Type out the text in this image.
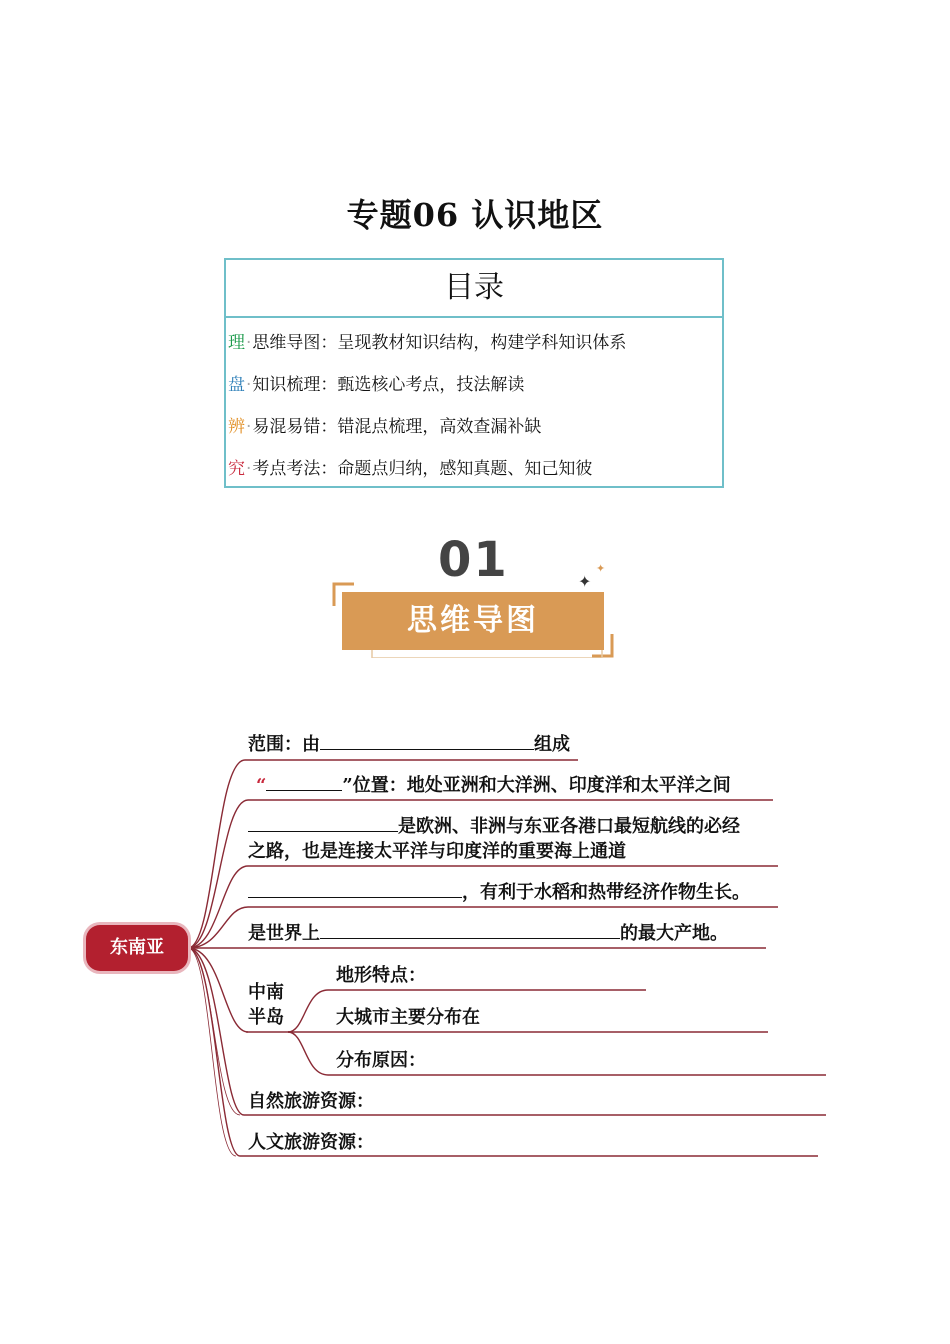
专题06 认识地区
目录
理·思维导图：呈现教材知识结构，构建学科知识体系
盘·知识梳理：甄选核心考点，技法解读
辨·易混易错：错混点梳理，高效查漏补缺
究·考点考法：命题点归纳，感知真题、知己知彼
01
思维导图
✦
✦
东南亚
范围：由	组成
“	”位置：地处亚洲和大洋洲、印度洋和太平洋之间
是欧洲、非洲与东亚各港口最短航线的必经
之路，也是连接太平洋与印度洋的重要海上通道
，有利于水稻和热带经济作物生长。
是世界上	的最大产地。
中南
半岛
地形特点：
大城市主要分布在
分布原因：
自然旅游资源：
人文旅游资源：
